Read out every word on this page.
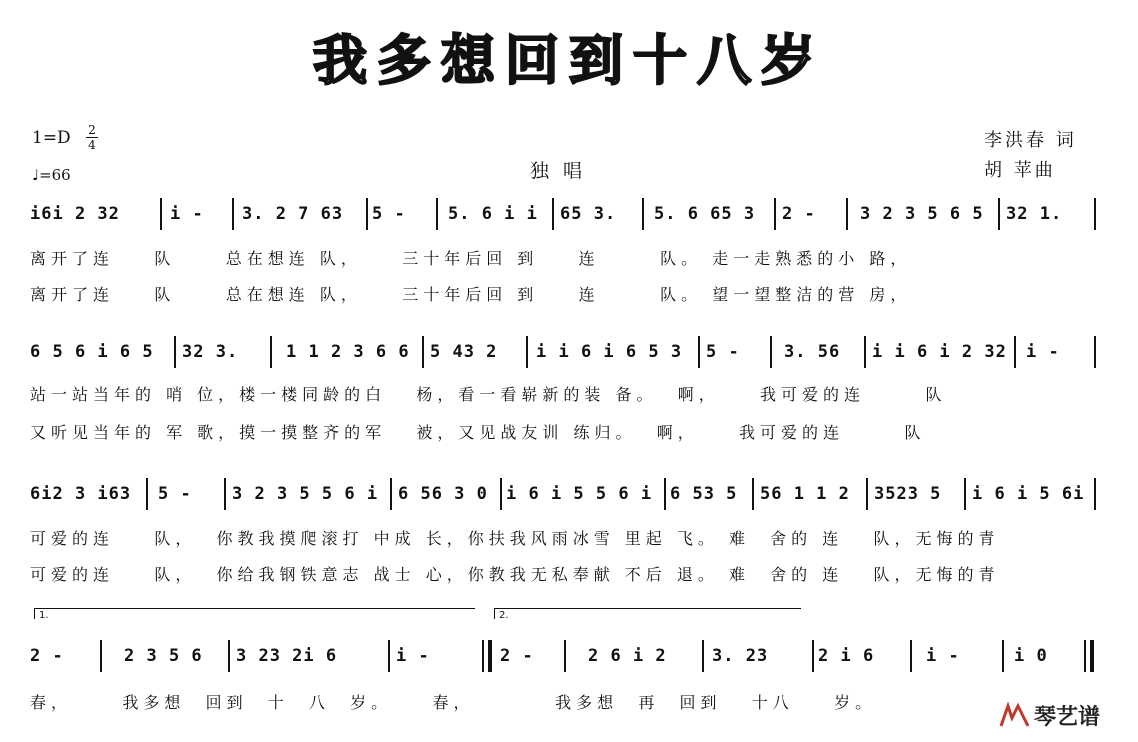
我多想回到十八岁
1=D 2
4
♩=66	独唱
李洪春 词
胡 苹曲
i6i 2 32	i -	3. 2 7 63	5 -	5. 6 i i	65 3.	5. 6 65 3	2 -	3 2 3 5 6 5	32 1.
离开了连    队     总在想连 队，    三十年后回 到    连      队。 走一走熟悉的小 路，
离开了连    队     总在想连 队，    三十年后回 到    连      队。 望一望整洁的营 房，
6 5 6 i 6 5	32 3.	1 1 2 3 6 6	5 43 2	i i 6 i 6 5 3	5 -	3. 56	i i 6 i 2 32	i -
站一站当年的 哨 位，楼一楼同龄的白   杨，看一看崭新的装 备。  啊，    我可爱的连      队
又听见当年的 军 歌，摸一摸整齐的军   被，又见战友训 练归。  啊，    我可爱的连      队
6i2 3 i63	5 -	3 2 3 5 5 6 i	6 56 3 0	i 6 i 5 5 6 i	6 53 5	56 1 1 2	3523 5	i 6 i 5 6i
可爱的连    队，  你教我摸爬滚打 中成 长，你扶我风雨冰雪 里起 飞。 难  舍的 连   队，无悔的青
可爱的连    队，  你给我钢铁意志 战士 心，你教我无私奉献 不后 退。 难  舍的 连   队，无悔的青
1.	2.
2 -	2 3 5 6	3 23 2i 6	i -	2 -	2 6 i 2	3. 23	2 i 6	i -	i 0
春，     我多想  回到  十  八  岁。    春，        我多想  再  回到   十八    岁。
琴艺谱
